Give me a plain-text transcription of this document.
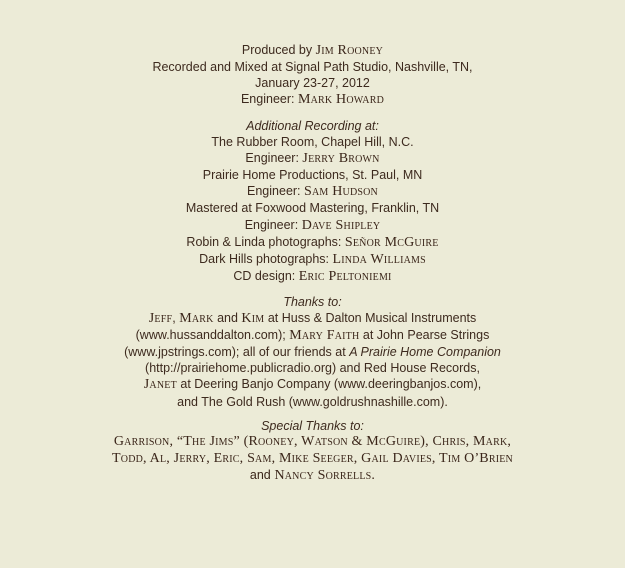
Produced by Jim Rooney
Recorded and Mixed at Signal Path Studio, Nashville, TN,
January 23-27, 2012
Engineer: Mark Howard
Additional Recording at:
The Rubber Room, Chapel Hill, N.C.
Engineer: Jerry Brown
Prairie Home Productions, St. Paul, MN
Engineer: Sam Hudson
Mastered at Foxwood Mastering, Franklin, TN
Engineer: Dave Shipley
Robin & Linda photographs: Señor McGuire
Dark Hills photographs: Linda Williams
CD design: Eric Peltoniemi
Thanks to:
Jeff, Mark and Kim at Huss & Dalton Musical Instruments
(www.hussanddalton.com); Mary Faith at John Pearse Strings
(www.jpstrings.com); all of our friends at A Prairie Home Companion
(http://prairiehome.publicradio.org) and Red House Records,
Janet at Deering Banjo Company (www.deeringbanjos.com),
and The Gold Rush (www.goldrushnashille.com).
Special Thanks to:
Garrison, “The Jims” (Rooney, Watson & McGuire), Chris, Mark,
Todd, Al, Jerry, Eric, Sam, Mike Seeger, Gail Davies, Tim O’Brien
and Nancy Sorrells.
